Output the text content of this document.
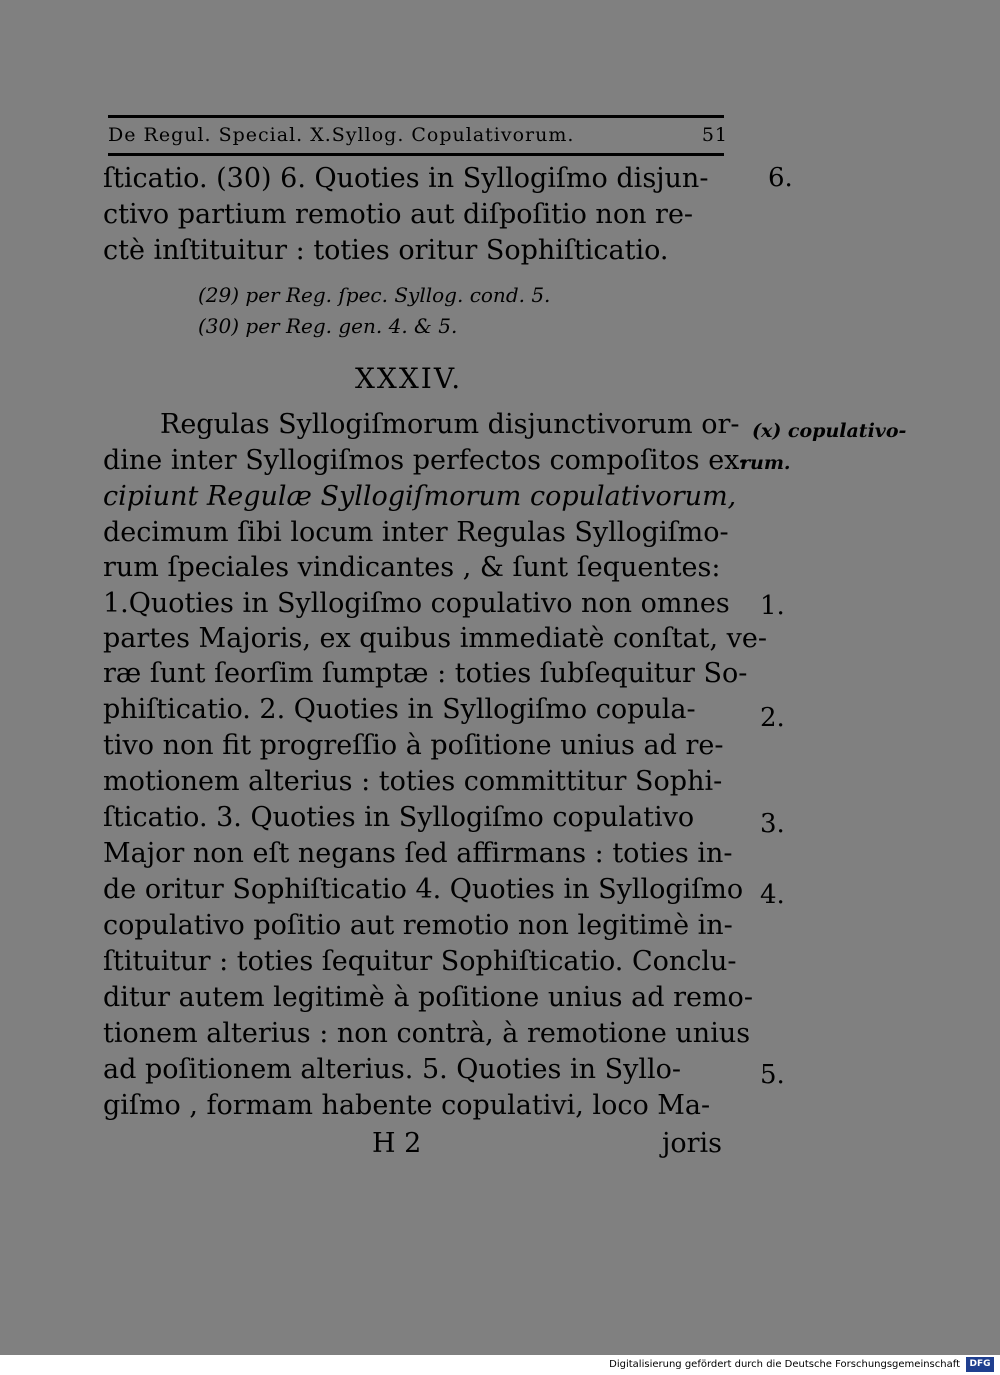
De Regul. Special. X.Syllog. Copulativorum.	51
ſticatio. (30) 6. Quoties in Syllogiſmo disjun-
ctivo partium remotio aut diſpoſitio non re-
ctè inſtituitur : toties oritur Sophiſticatio.
(29) per Reg. ſpec. Syllog. cond. 5.
(30) per Reg. gen. 4. & 5.
XXXIV.
Regulas Syllogiſmorum disjunctivorum or-
dine inter Syllogiſmos perfectos compoſitos ex-
cipiunt Regulæ Syllogiſmorum copulativorum,
decimum ſibi locum inter Regulas Syllogiſmo-
rum ſpeciales vindicantes , & ſunt ſequentes:
1.Quoties in Syllogiſmo copulativo non omnes
partes Majoris, ex quibus immediatè conſtat, ve-
ræ ſunt ſeorſim ſumptæ : toties ſubſequitur So-
phiſticatio. 2. Quoties in Syllogiſmo copula-
tivo non fit progreſſio à poſitione unius ad re-
motionem alterius : toties committitur Sophi-
ſticatio. 3. Quoties in Syllogiſmo copulativo
Major non eſt negans ſed affirmans : toties in-
de oritur Sophiſticatio 4. Quoties in Syllogiſmo
copulativo poſitio aut remotio non legitimè in-
ſtituitur : toties ſequitur Sophiſticatio. Conclu-
ditur autem legitimè à poſitione unius ad remo-
tionem alterius : non contrà, à remotione unius
ad poſitionem alterius. 5. Quoties in Syllo-
giſmo , formam habente copulativi, loco Ma-
H 2	joris
6.
1.
2.
3.
4.
5.
(x) copulativo-
rum.
Digitalisierung gefördert durch die Deutsche Forschungsgemeinschaft	DFG
